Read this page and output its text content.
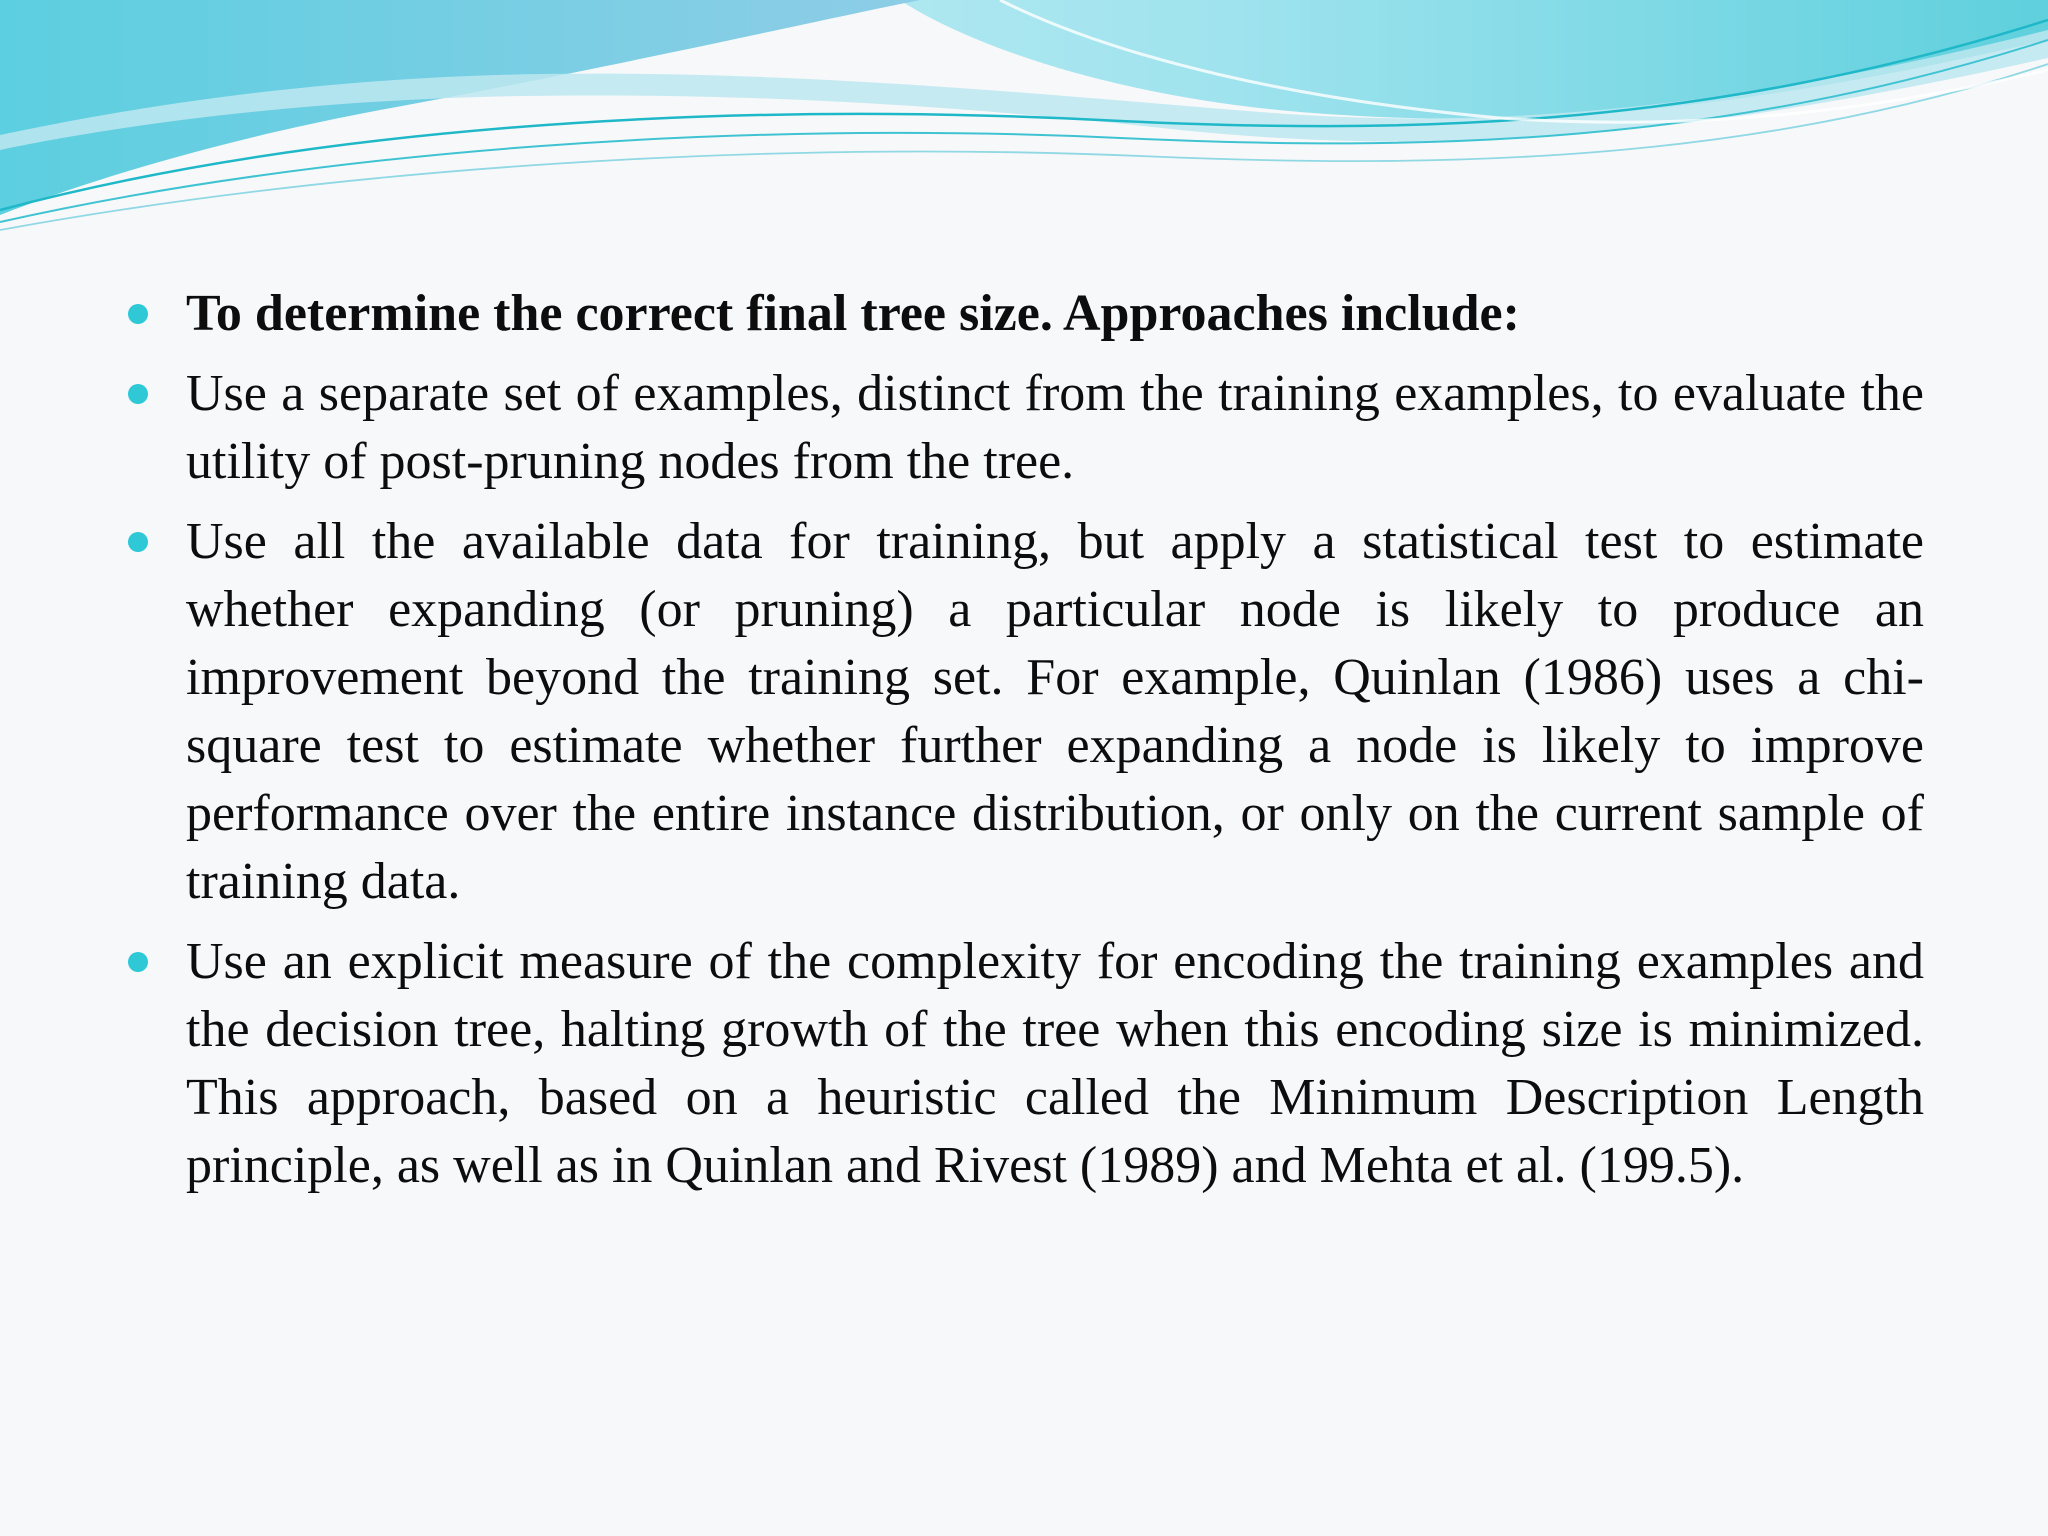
To determine the correct final tree size. Approaches include:
Use a separate set of examples, distinct from the training examples, to evaluate the utility of post-pruning nodes from the tree.
Use all the available data for training, but apply a statistical test to estimate whether expanding (or pruning) a particular node is likely to produce an improvement beyond the training set. For example, Quinlan (1986) uses a chi-square test to estimate whether further expanding a node is likely to improve performance over the entire instance distribution, or only on the current sample of training data.
Use an explicit measure of the complexity for encoding the training examples and the decision tree, halting growth of the tree when this encoding size is minimized. This approach, based on a heuristic called the Minimum Description Length principle, as well as in Quinlan and Rivest (1989) and Mehta et al. (199.5).
